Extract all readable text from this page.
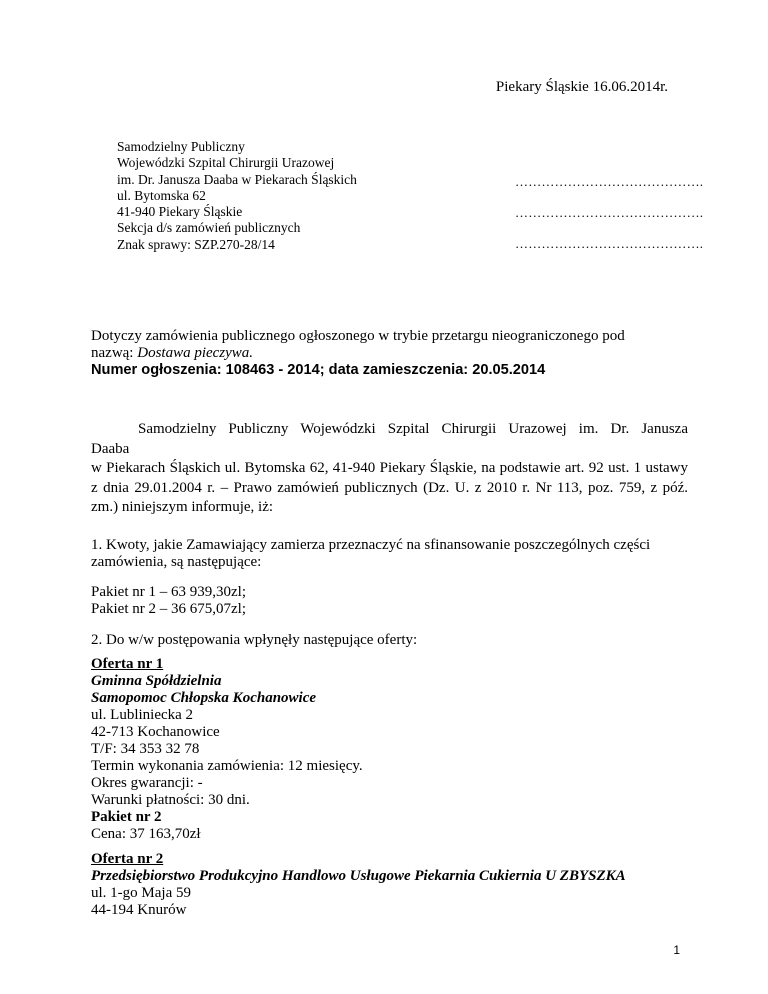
Piekary Śląskie 16.06.2014r.
Samodzielny Publiczny
Wojewódzki Szpital Chirurgii Urazowej
im. Dr. Janusza Daaba w Piekarach Śląskich
ul. Bytomska 62
41-940 Piekary Śląskie
Sekcja d/s zamówień publicznych
Znak sprawy: SZP.270-28/14
…………………………………….
…………………………………….
…………………………………….
Dotyczy zamówienia publicznego ogłoszonego w trybie przetargu nieograniczonego pod
nazwą: Dostawa pieczywa.
Numer ogłoszenia: 108463 - 2014; data zamieszczenia: 20.05.2014
Samodzielny Publiczny Wojewódzki Szpital Chirurgii Urazowej im. Dr. Janusza
Daaba
w Piekarach Śląskich ul. Bytomska 62, 41-940 Piekary Śląskie, na podstawie art. 92 ust. 1 ustawy z dnia 29.01.2004 r. – Prawo zamówień publicznych (Dz. U. z 2010 r. Nr 113, poz. 759, z póź. zm.) niniejszym informuje, iż:
1. Kwoty, jakie Zamawiający zamierza przeznaczyć na sfinansowanie poszczególnych części
zamówienia, są następujące:
Pakiet nr 1 – 63 939,30zl;
Pakiet nr 2 – 36 675,07zl;
2. Do w/w postępowania wpłynęły następujące oferty:
Oferta nr 1
Gminna Spółdzielnia
Samopomoc Chłopska Kochanowice
ul. Lubliniecka 2
42-713 Kochanowice
T/F: 34 353 32 78
Termin wykonania zamówienia: 12 miesięcy.
Okres gwarancji: -
Warunki płatności: 30 dni.
Pakiet nr 2
Cena: 37 163,70zł
Oferta nr 2
Przedsiębiorstwo Produkcyjno Handlowo Usługowe Piekarnia Cukiernia U ZBYSZKA
ul. 1-go Maja 59
44-194 Knurów
1
